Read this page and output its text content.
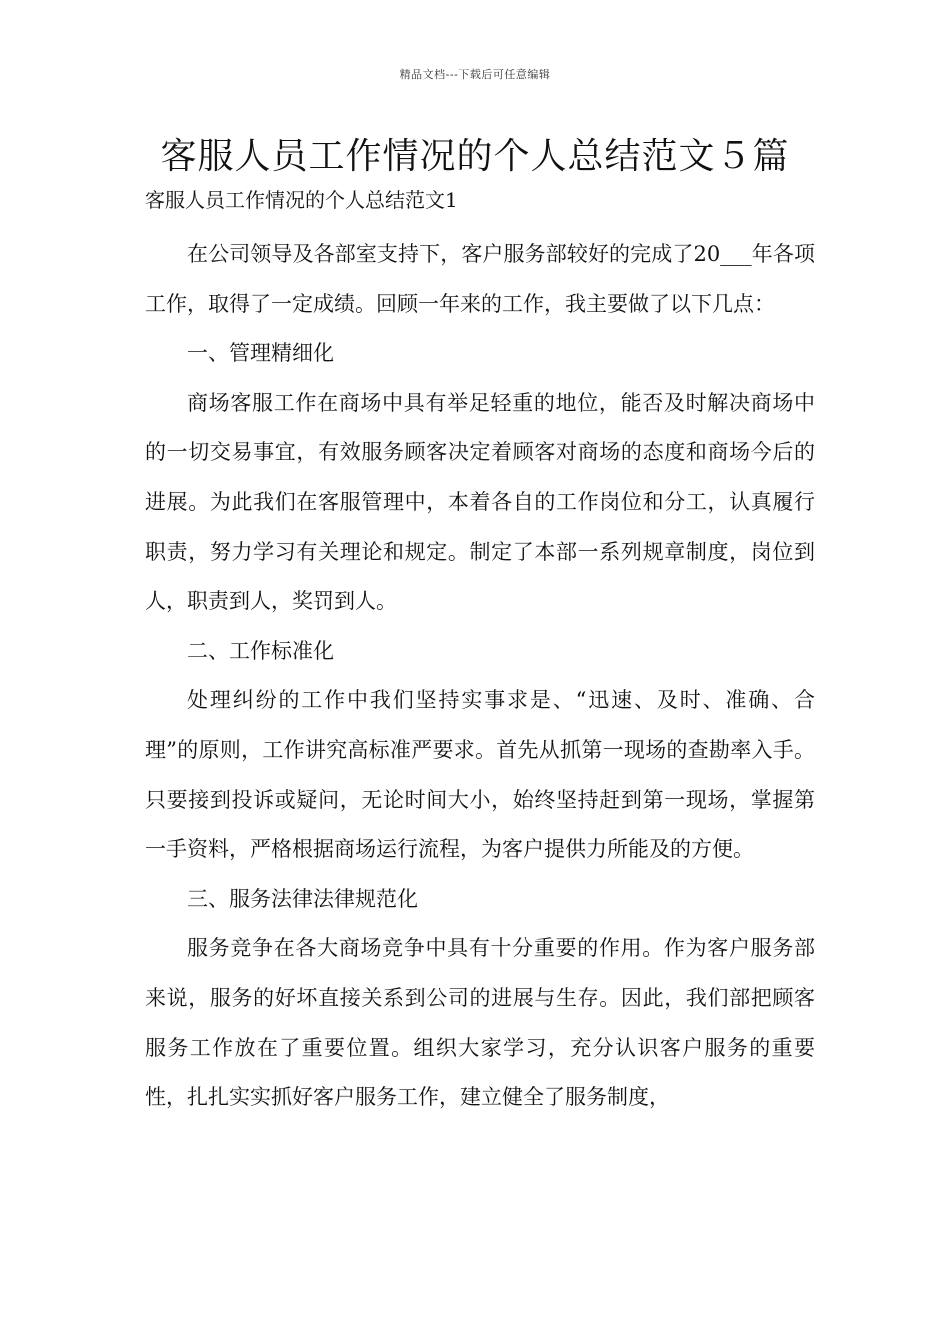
精品文档---下载后可任意编辑
客服人员工作情况的个人总结范文５篇
客服人员工作情况的个人总结范文1

在公司领导及各部室支持下，客户服务部较好的完成了20___年各项工作，取得了一定成绩。回顾一年来的工作，我主要做了以下几点：

一、管理精细化

商场客服工作在商场中具有举足轻重的地位，能否及时解决商场中的一切交易事宜，有效服务顾客决定着顾客对商场的态度和商场今后的进展。为此我们在客服管理中，本着各自的工作岗位和分工，认真履行职责，努力学习有关理论和规定。制定了本部一系列规章制度，岗位到人，职责到人，奖罚到人。

二、工作标准化

处理纠纷的工作中我们坚持实事求是、“迅速、及时、准确、合理”的原则，工作讲究高标准严要求。首先从抓第一现场的查勘率入手。只要接到投诉或疑问，无论时间大小，始终坚持赶到第一现场，掌握第一手资料，严格根据商场运行流程，为客户提供力所能及的方便。

三、服务法律法律规范化

服务竞争在各大商场竞争中具有十分重要的作用。作为客户服务部来说，服务的好坏直接关系到公司的进展与生存。因此，我们部把顾客服务工作放在了重要位置。组织大家学习，充分认识客户服务的重要性，扎扎实实抓好客户服务工作，建立健全了服务制度，
